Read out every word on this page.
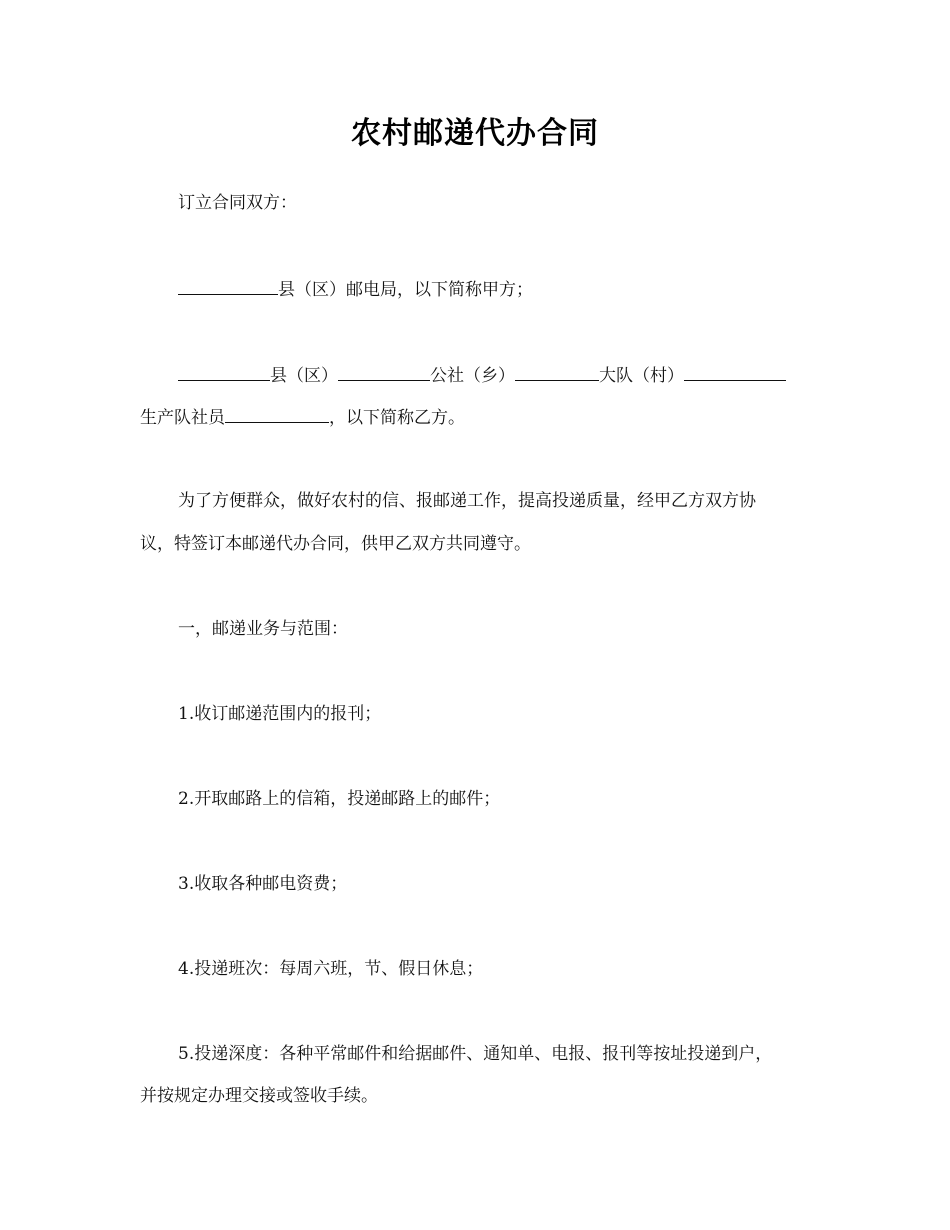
农村邮递代办合同
订立合同双方：
县（区）邮电局，以下简称甲方；
县（区）	公社（乡）	大队（村）
生产队社员	，以下简称乙方。
为了方便群众，做好农村的信、报邮递工作，提高投递质量，经甲乙方双方协
议，特签订本邮递代办合同，供甲乙双方共同遵守。
一，邮递业务与范围：
1.收订邮递范围内的报刊；
2.开取邮路上的信箱，投递邮路上的邮件；
3.收取各种邮电资费；
4.投递班次：每周六班，节、假日休息；
5.投递深度：各种平常邮件和给据邮件、通知单、电报、报刊等按址投递到户，
并按规定办理交接或签收手续。
